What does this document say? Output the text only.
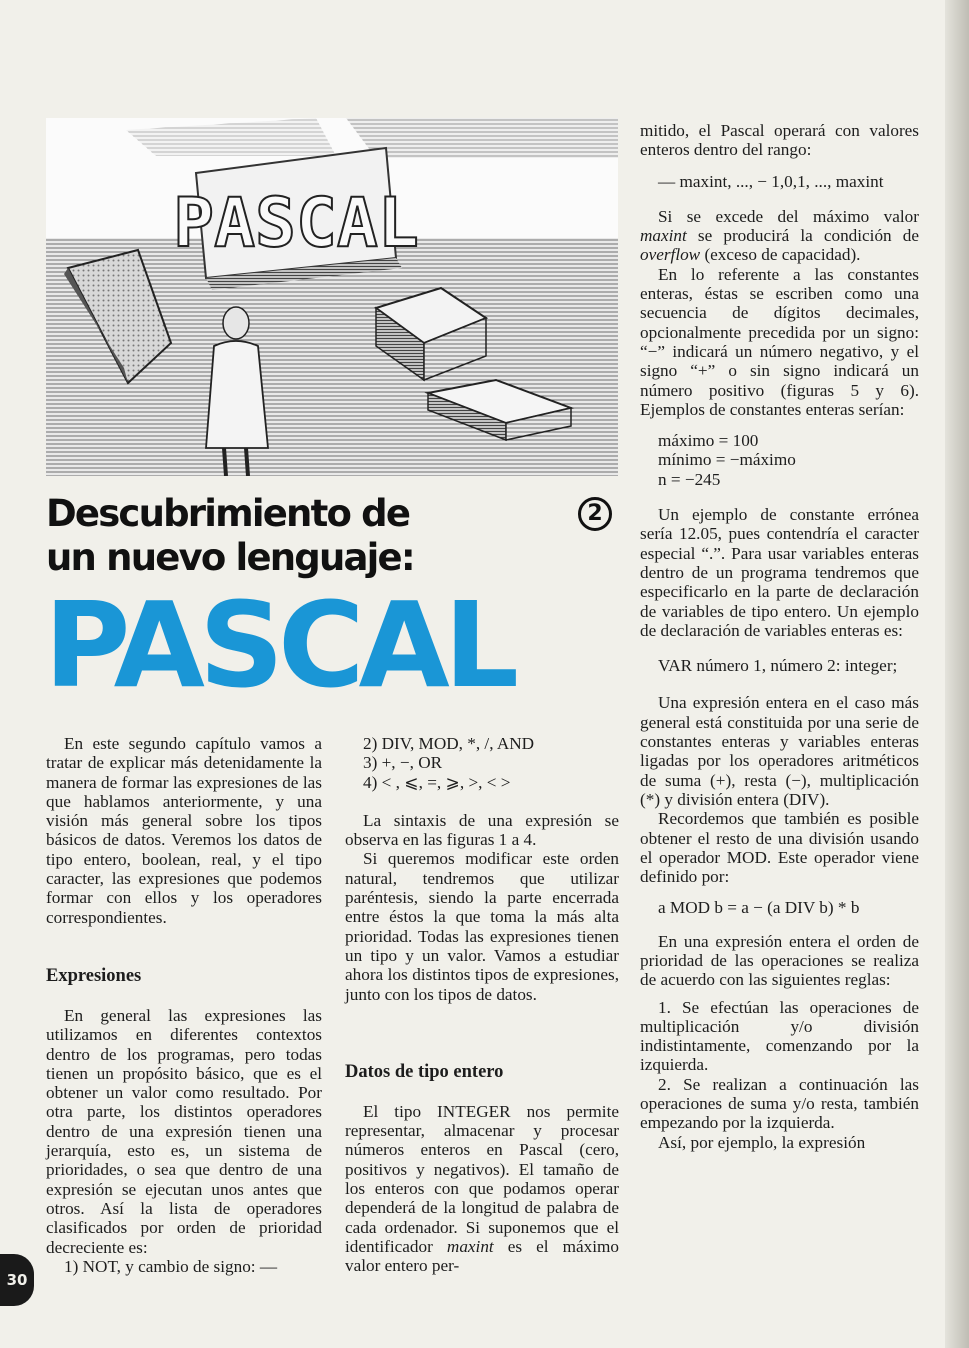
PASCAL
Descubrimiento de
un nuevo lenguaje:
2
PASCAL

En este segundo capítulo vamos a tratar de explicar más detenidamente la manera de formar las expresiones de las que hablamos anteriormente, y una visión más general sobre los tipos básicos de datos. Veremos los datos de tipo entero, boolean, real, y el tipo caracter, las expresiones que podemos formar con ellos y los operadores correspondientes.

Expresiones

En general las expresiones las utilizamos en diferentes contextos dentro de los programas, pero todas tienen un propósito básico, que es el obtener un valor como resultado. Por otra parte, los distintos operadores dentro de una expresión tienen una jerarquía, esto es, un sistema de prioridades, o sea que dentro de una expresión se ejecutan unos antes que otros. Así la lista de operadores clasificados por orden de prioridad decreciente es:

1) NOT, y cambio de signo: —

2) DIV, MOD, *, /, AND

3) +, −, OR

4) < , ⩽, =, ⩾, >, < >

La sintaxis de una expresión se observa en las figuras 1 a 4.

Si queremos modificar este orden natural, tendremos que utilizar paréntesis, siendo la parte encerrada entre éstos la que toma la más alta prioridad. Todas las expresiones tienen un tipo y un valor. Vamos a estudiar ahora los distintos tipos de expresiones, junto con los tipos de datos.

Datos de tipo entero

El tipo INTEGER nos permite representar, almacenar y procesar números enteros en Pascal (cero, positivos y negativos). El tamaño de los enteros con que podamos operar dependerá de la longitud de palabra de cada ordenador. Si suponemos que el identificador maxint es el máximo valor entero per-

mitido, el Pascal operará con valores enteros dentro del rango:

— maxint, ..., − 1,0,1, ..., maxint

Si se excede del máximo valor maxint se producirá la condición de overflow (exceso de capacidad).

En lo referente a las constantes enteras, éstas se escriben como una secuencia de dígitos decimales, opcionalmente precedida por un signo: “−” indicará un número negativo, y el signo “+” o sin signo indicará un número positivo (figuras 5 y 6). Ejemplos de constantes enteras serían:

máximo = 100

mínimo = −máximo

n = −245

Un ejemplo de constante errónea sería 12.05, pues contendría el caracter especial “.”. Para usar variables enteras dentro de un programa tendremos que especificarlo en la parte de declaración de variables de tipo entero. Un ejemplo de declaración de variables enteras es:

VAR número 1, número 2: integer;

Una expresión entera en el caso más general está constituida por una serie de constantes enteras y variables enteras ligadas por los operadores aritméticos de suma (+), resta (−), multiplicación (*) y división entera (DIV).

Recordemos que también es posible obtener el resto de una división usando el operador MOD. Este operador viene definido por:

a MOD b = a − (a DIV b) * b

En una expresión entera el orden de prioridad de las operaciones se realiza de acuerdo con las siguientes reglas:

1. Se efectúan las operaciones de multiplicación y/o división indistintamente, comenzando por la izquierda.

2. Se realizan a continuación las operaciones de suma y/o resta, también empezando por la izquierda.

Así, por ejemplo, la expresión

30
